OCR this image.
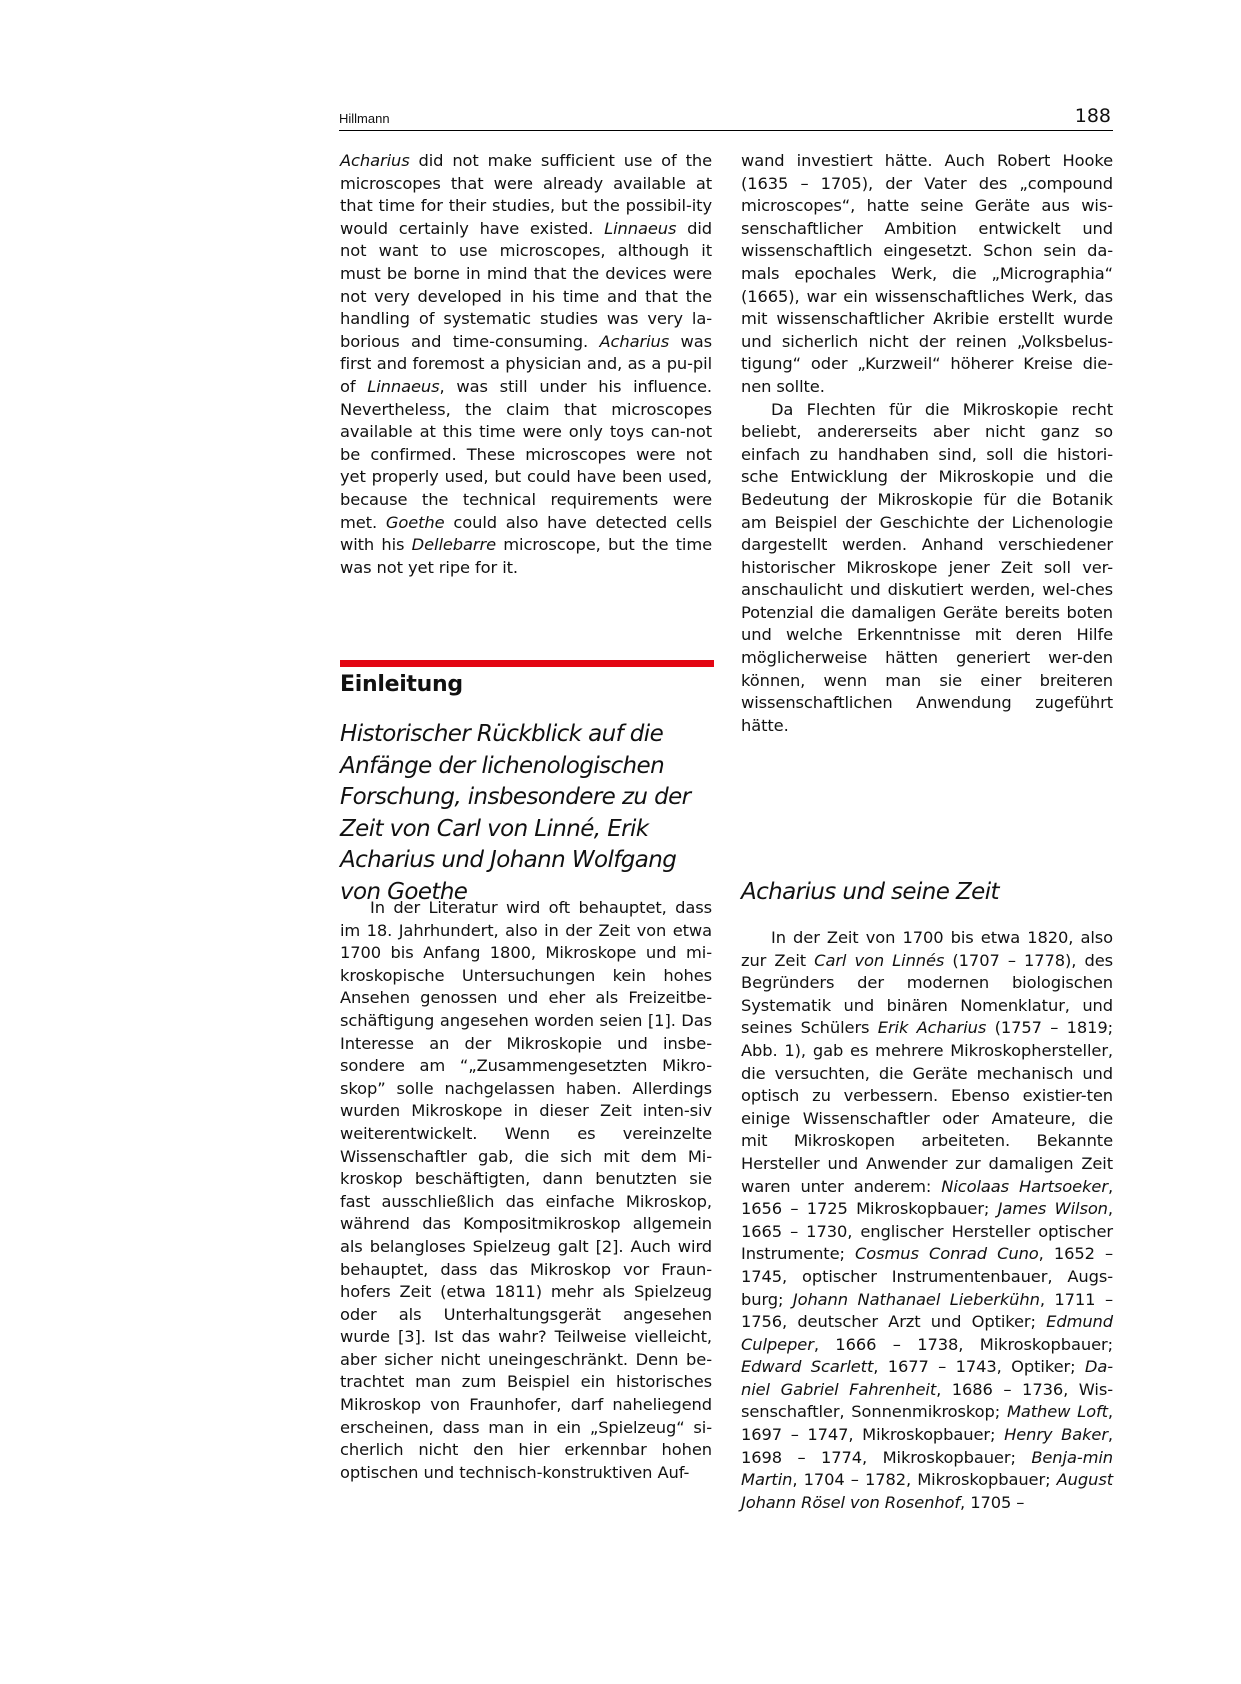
Hillmann	188

Acharius did not make sufficient use of the microscopes that were already available at that time for their studies, but the possibil-ity would certainly have existed. Linnaeus did not want to use microscopes, although it must be borne in mind that the devices were not very developed in his time and that the handling of systematic studies was very la-borious and time-consuming. Acharius was first and foremost a physician and, as a pu-pil of Linnaeus, was still under his influence. Nevertheless, the claim that microscopes available at this time were only toys can-not be confirmed. These microscopes were not yet properly used, but could have been used, because the technical requirements were met. Goethe could also have detected cells with his Dellebarre microscope, but the time was not yet ripe for it.

Einleitung
Historischer Rückblick auf die Anfänge der lichenologischen Forschung, insbesondere zu der Zeit von Carl von Linné, Erik Acharius und Johann Wolfgang von Goethe

In der Literatur wird oft behauptet, dass im 18. Jahrhundert, also in der Zeit von etwa 1700 bis Anfang 1800, Mikroskope und mi-kroskopische Untersuchungen kein hohes Ansehen genossen und eher als Freizeitbe-schäftigung angesehen worden seien [1]. Das Interesse an der Mikroskopie und insbe-sondere am “„Zusammengesetzten Mikro-skop” solle nachgelassen haben. Allerdings wurden Mikroskope in dieser Zeit inten-siv weiterentwickelt. Wenn es vereinzelte Wissenschaftler gab, die sich mit dem Mi-kroskop beschäftigten, dann benutzten sie fast ausschließlich das einfache Mikroskop, während das Kompositmikroskop allgemein als belangloses Spielzeug galt [2]. Auch wird behauptet, dass das Mikroskop vor Fraun-hofers Zeit (etwa 1811) mehr als Spielzeug oder als Unterhaltungsgerät angesehen wurde [3]. Ist das wahr? Teilweise vielleicht, aber sicher nicht uneingeschränkt. Denn be-trachtet man zum Beispiel ein historisches Mikroskop von Fraunhofer, darf naheliegend erscheinen, dass man in ein „Spielzeug“ si-cherlich nicht den hier erkennbar hohen optischen und technisch-konstruktiven Auf-

wand investiert hätte. Auch Robert Hooke (1635 – 1705), der Vater des „compound microscopes“, hatte seine Geräte aus wis-senschaftlicher Ambition entwickelt und wissenschaftlich eingesetzt. Schon sein da-mals epochales Werk, die „Micrographia“ (1665), war ein wissenschaftliches Werk, das mit wissenschaftlicher Akribie erstellt wurde und sicherlich nicht der reinen „Volksbelus-tigung“ oder „Kurzweil“ höherer Kreise die-nen sollte.

Da Flechten für die Mikroskopie recht beliebt, andererseits aber nicht ganz so einfach zu handhaben sind, soll die histori-sche Entwicklung der Mikroskopie und die Bedeutung der Mikroskopie für die Botanik am Beispiel der Geschichte der Lichenologie dargestellt werden. Anhand verschiedener historischer Mikroskope jener Zeit soll ver-anschaulicht und diskutiert werden, wel-ches Potenzial die damaligen Geräte bereits boten und welche Erkenntnisse mit deren Hilfe möglicherweise hätten generiert wer-den können, wenn man sie einer breiteren wissenschaftlichen Anwendung zugeführt hätte.

Acharius und seine Zeit

In der Zeit von 1700 bis etwa 1820, also zur Zeit Carl von Linnés (1707 – 1778), des Begründers der modernen biologischen Systematik und binären Nomenklatur, und seines Schülers Erik Acharius (1757 – 1819; Abb. 1), gab es mehrere Mikroskophersteller, die versuchten, die Geräte mechanisch und optisch zu verbessern. Ebenso existier-ten einige Wissenschaftler oder Amateure, die mit Mikroskopen arbeiteten. Bekannte Hersteller und Anwender zur damaligen Zeit waren unter anderem: Nicolaas Hartsoeker, 1656 – 1725 Mikroskopbauer; James Wilson, 1665 – 1730, englischer Hersteller optischer Instrumente; Cosmus Conrad Cuno, 1652 – 1745, optischer Instrumentenbauer, Augs-burg; Johann Nathanael Lieberkühn, 1711 – 1756, deutscher Arzt und Optiker; Edmund Culpeper, 1666 – 1738, Mikroskopbauer; Edward Scarlett, 1677 – 1743, Optiker; Da-niel Gabriel Fahrenheit, 1686 – 1736, Wis-senschaftler, Sonnenmikroskop; Mathew Loft, 1697 – 1747, Mikroskopbauer; Henry Baker, 1698 – 1774, Mikroskopbauer; Benja-min Martin, 1704 – 1782, Mikroskopbauer; August Johann Rösel von Rosenhof, 1705 –
